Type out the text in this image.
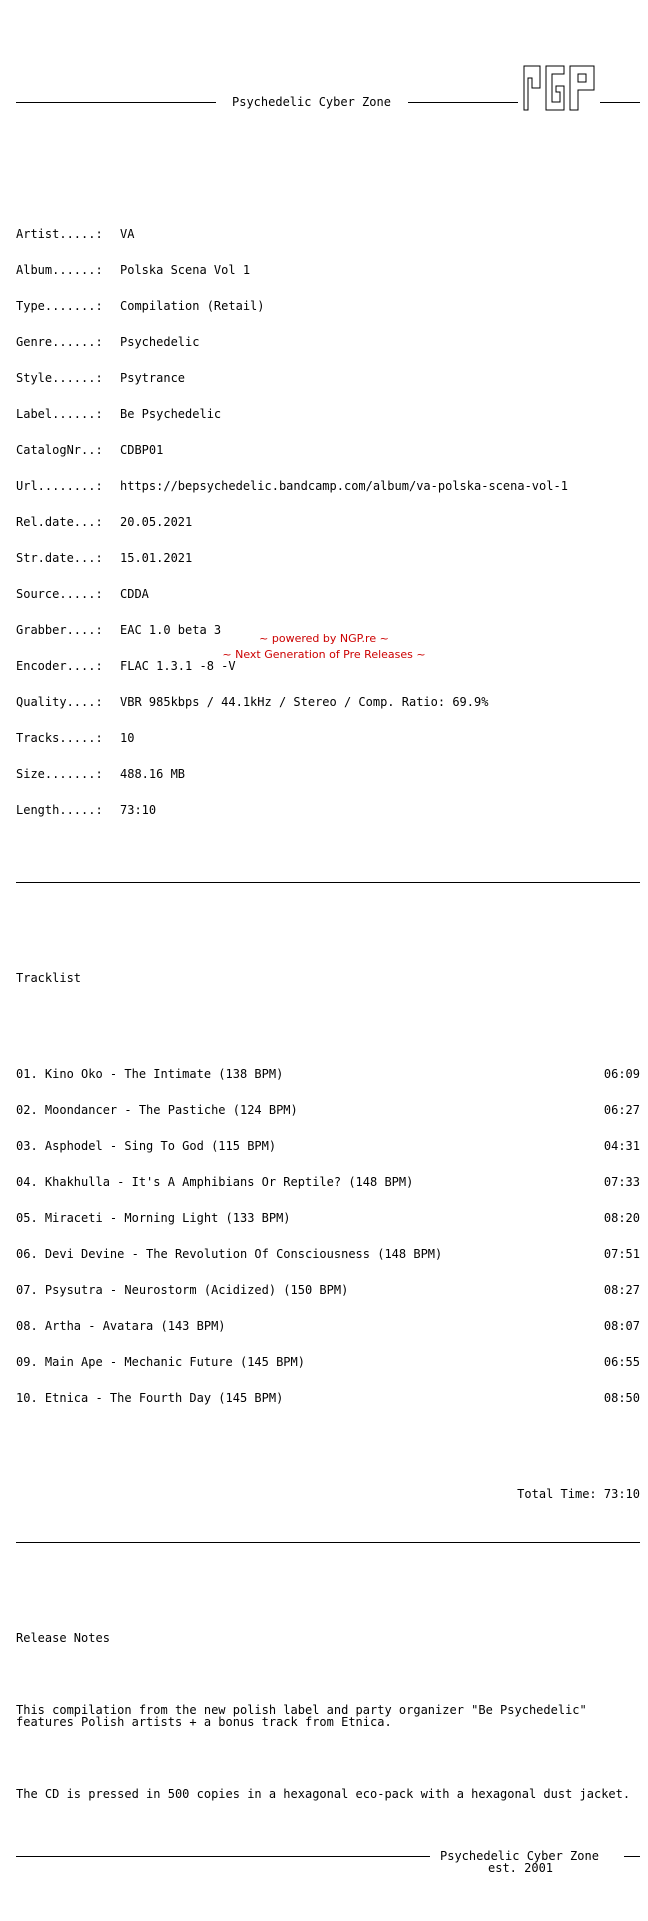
Psychedelic Cyber Zone

Artist.....: VA

Album......: Polska Scena Vol 1

Type.......: Compilation (Retail)

Genre......: Psychedelic

Style......: Psytrance

Label......: Be Psychedelic

CatalogNr..: CDBP01

Url........: https://bepsychedelic.bandcamp.com/album/va-polska-scena-vol-1

Rel.date...: 20.05.2021

Str.date...: 15.01.2021

Source.....: CDDA

Grabber....: EAC 1.0 beta 3

Encoder....: FLAC 1.3.1 -8 -V

Quality....: VBR 985kbps / 44.1kHz / Stereo / Comp. Ratio: 69.9%

Tracks.....: 10

Size.......: 488.16 MB

Length.....: 73:10

Tracklist

01. Kino Oko - The Intimate (138 BPM)	06:09

02. Moondancer - The Pastiche (124 BPM)	06:27

03. Asphodel - Sing To God (115 BPM)	04:31

04. Khakhulla - It's A Amphibians Or Reptile? (148 BPM)	07:33

05. Miraceti - Morning Light (133 BPM)	08:20

06. Devi Devine - The Revolution Of Consciousness (148 BPM)	07:51

07. Psysutra - Neurostorm (Acidized) (150 BPM)	08:27

08. Artha - Avatara (143 BPM)	08:07

09. Main Ape - Mechanic Future (145 BPM)	06:55

10. Etnica - The Fourth Day (145 BPM)	08:50

Total Time: 73:10

Release Notes

This compilation from the new polish label and party organizer "Be Psychedelic" features Polish artists + a bonus track from Etnica.

The CD is pressed in 500 copies in a hexagonal eco-pack with a hexagonal dust jacket.

Psychedelic Cyber Zone

est. 2001

~ powered by NGP.re ~
~ Next Generation of Pre Releases ~
